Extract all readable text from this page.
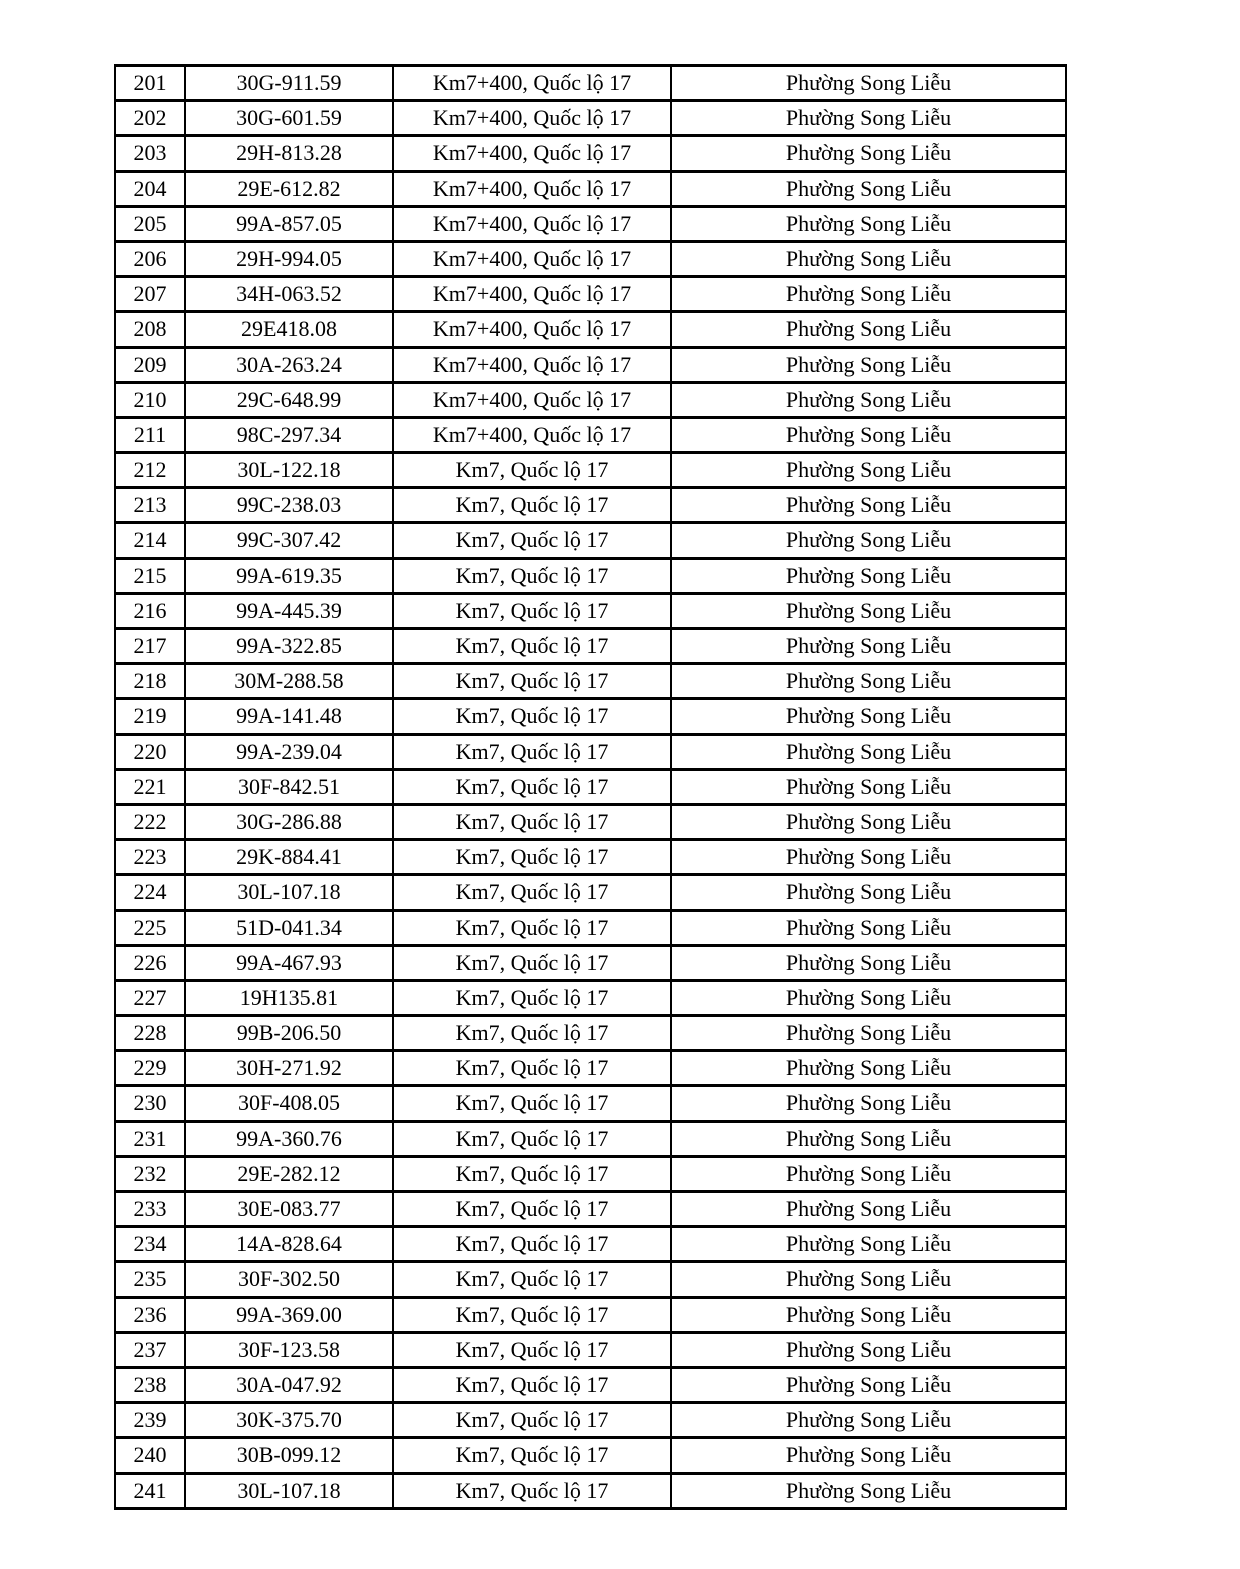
201	30G-911.59	Km7+400, Quốc lộ 17	Phường Song Liễu
202	30G-601.59	Km7+400, Quốc lộ 17	Phường Song Liễu
203	29H-813.28	Km7+400, Quốc lộ 17	Phường Song Liễu
204	29E-612.82	Km7+400, Quốc lộ 17	Phường Song Liễu
205	99A-857.05	Km7+400, Quốc lộ 17	Phường Song Liễu
206	29H-994.05	Km7+400, Quốc lộ 17	Phường Song Liễu
207	34H-063.52	Km7+400, Quốc lộ 17	Phường Song Liễu
208	29E418.08	Km7+400, Quốc lộ 17	Phường Song Liễu
209	30A-263.24	Km7+400, Quốc lộ 17	Phường Song Liễu
210	29C-648.99	Km7+400, Quốc lộ 17	Phường Song Liễu
211	98C-297.34	Km7+400, Quốc lộ 17	Phường Song Liễu
212	30L-122.18	Km7, Quốc lộ 17	Phường Song Liễu
213	99C-238.03	Km7, Quốc lộ 17	Phường Song Liễu
214	99C-307.42	Km7, Quốc lộ 17	Phường Song Liễu
215	99A-619.35	Km7, Quốc lộ 17	Phường Song Liễu
216	99A-445.39	Km7, Quốc lộ 17	Phường Song Liễu
217	99A-322.85	Km7, Quốc lộ 17	Phường Song Liễu
218	30M-288.58	Km7, Quốc lộ 17	Phường Song Liễu
219	99A-141.48	Km7, Quốc lộ 17	Phường Song Liễu
220	99A-239.04	Km7, Quốc lộ 17	Phường Song Liễu
221	30F-842.51	Km7, Quốc lộ 17	Phường Song Liễu
222	30G-286.88	Km7, Quốc lộ 17	Phường Song Liễu
223	29K-884.41	Km7, Quốc lộ 17	Phường Song Liễu
224	30L-107.18	Km7, Quốc lộ 17	Phường Song Liễu
225	51D-041.34	Km7, Quốc lộ 17	Phường Song Liễu
226	99A-467.93	Km7, Quốc lộ 17	Phường Song Liễu
227	19H135.81	Km7, Quốc lộ 17	Phường Song Liễu
228	99B-206.50	Km7, Quốc lộ 17	Phường Song Liễu
229	30H-271.92	Km7, Quốc lộ 17	Phường Song Liễu
230	30F-408.05	Km7, Quốc lộ 17	Phường Song Liễu
231	99A-360.76	Km7, Quốc lộ 17	Phường Song Liễu
232	29E-282.12	Km7, Quốc lộ 17	Phường Song Liễu
233	30E-083.77	Km7, Quốc lộ 17	Phường Song Liễu
234	14A-828.64	Km7, Quốc lộ 17	Phường Song Liễu
235	30F-302.50	Km7, Quốc lộ 17	Phường Song Liễu
236	99A-369.00	Km7, Quốc lộ 17	Phường Song Liễu
237	30F-123.58	Km7, Quốc lộ 17	Phường Song Liễu
238	30A-047.92	Km7, Quốc lộ 17	Phường Song Liễu
239	30K-375.70	Km7, Quốc lộ 17	Phường Song Liễu
240	30B-099.12	Km7, Quốc lộ 17	Phường Song Liễu
241	30L-107.18	Km7, Quốc lộ 17	Phường Song Liễu
